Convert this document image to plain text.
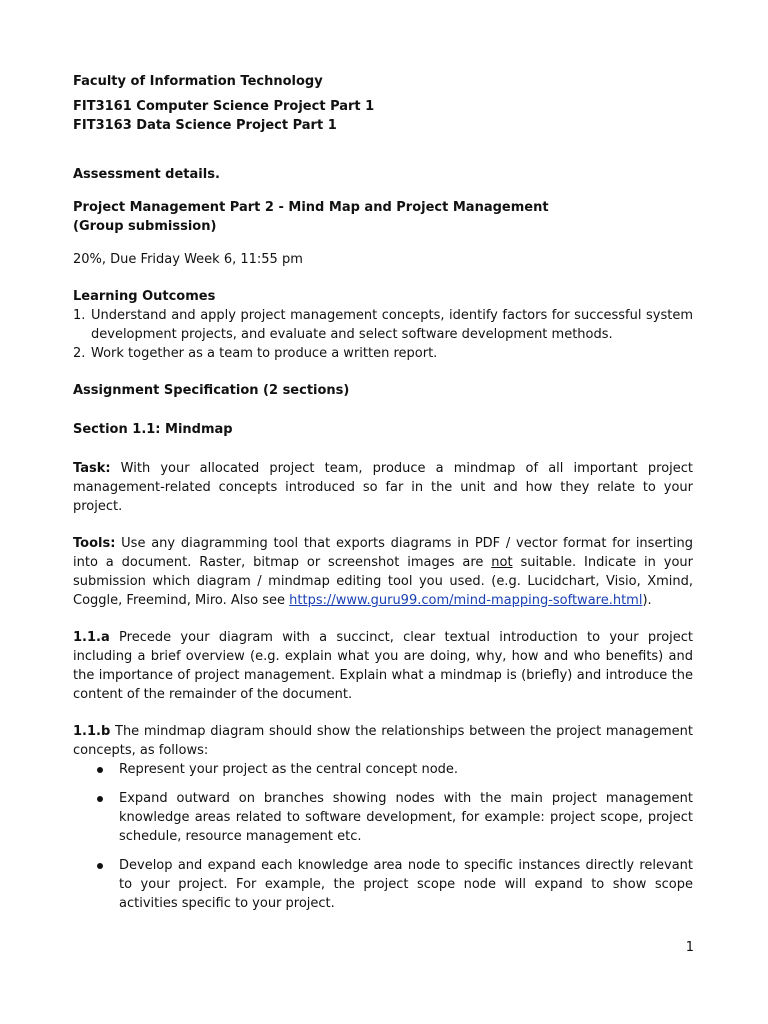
Faculty of Information Technology

FIT3161 Computer Science Project Part 1

FIT3163 Data Science Project Part 1

Assessment details.

Project Management Part 2 - Mind Map and Project Management
(Group submission)

20%, Due Friday Week 6, 11:55 pm

Learning Outcomes

1. Understand and apply project management concepts, identify factors for successful system development projects, and evaluate and select software development methods.
2. Work together as a team to produce a written report.

Assignment Specification (2 sections)

Section 1.1: Mindmap

Task: With your allocated project team, produce a mindmap of all important project management-related concepts introduced so far in the unit and how they relate to your project.

Tools: Use any diagramming tool that exports diagrams in PDF / vector format for inserting into a document. Raster, bitmap or screenshot images are not suitable. Indicate in your submission which diagram / mindmap editing tool you used. (e.g. Lucidchart, Visio, Xmind, Coggle, Freemind, Miro. Also see https://www.guru99.com/mind-mapping-software.html).

1.1.a Precede your diagram with a succinct, clear textual introduction to your project including a brief overview (e.g. explain what you are doing, why, how and who benefits) and the importance of project management. Explain what a mindmap is (briefly) and introduce the content of the remainder of the document.

1.1.b The mindmap diagram should show the relationships between the project management concepts, as follows:

Represent your project as the central concept node.
Expand outward on branches showing nodes with the main project management knowledge areas related to software development, for example: project scope, project schedule, resource management etc.
Develop and expand each knowledge area node to specific instances directly relevant to your project. For example, the project scope node will expand to show scope activities specific to your project.
1
